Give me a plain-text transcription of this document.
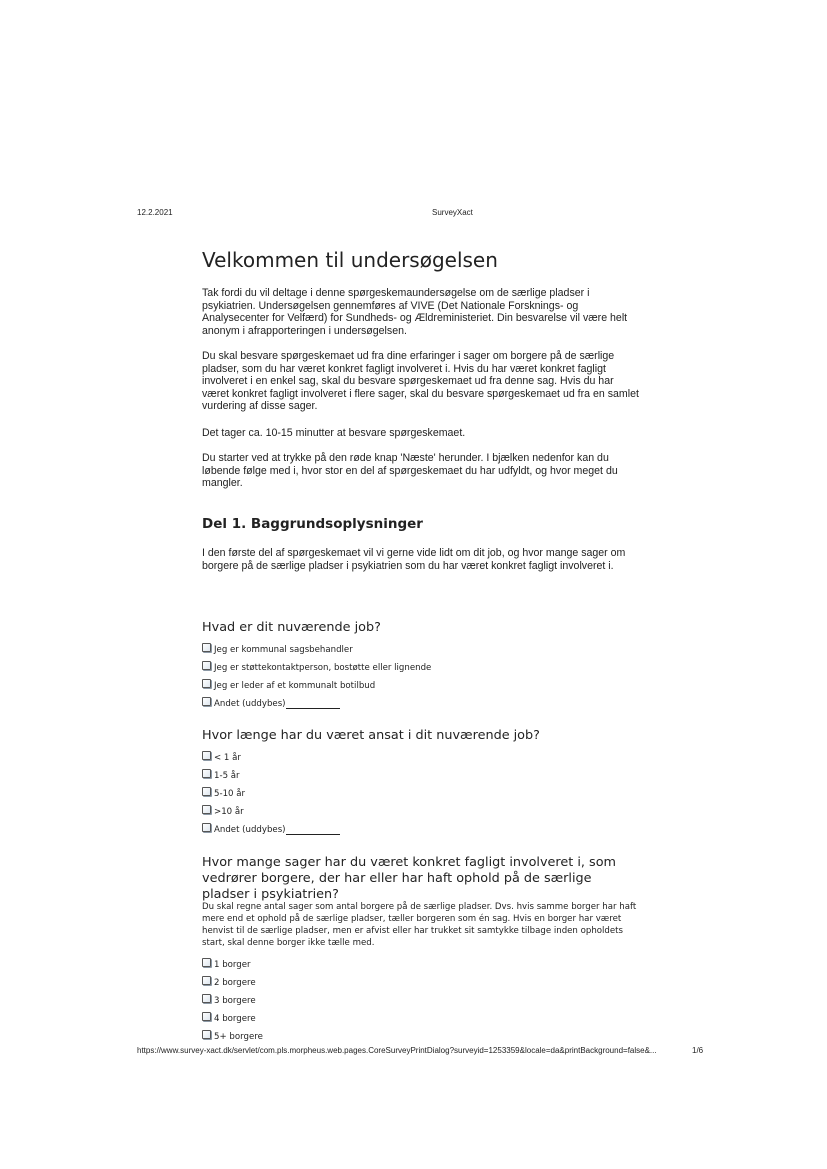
12.2.2021	SurveyXact
Velkommen til undersøgelsen

Tak fordi du vil deltage i denne spørgeskemaundersøgelse om de særlige pladser i psykiatrien. Undersøgelsen gennemføres af VIVE (Det Nationale Forsknings- og Analysecenter for Velfærd) for Sundheds- og Ældreministeriet. Din besvarelse vil være helt anonym i afrapporteringen i undersøgelsen.

Du skal besvare spørgeskemaet ud fra dine erfaringer i sager om borgere på de særlige pladser, som du har været konkret fagligt involveret i. Hvis du har været konkret fagligt involveret i en enkel sag, skal du besvare spørgeskemaet ud fra denne sag. Hvis du har været konkret fagligt involveret i flere sager, skal du besvare spørgeskemaet ud fra en samlet vurdering af disse sager.

Det tager ca. 10-15 minutter at besvare spørgeskemaet.

Du starter ved at trykke på den røde knap 'Næste' herunder. I bjælken nedenfor kan du løbende følge med i, hvor stor en del af spørgeskemaet du har udfyldt, og hvor meget du mangler.

Del 1. Baggrundsoplysninger

I den første del af spørgeskemaet vil vi gerne vide lidt om dit job, og hvor mange sager om borgere på de særlige pladser i psykiatrien som du har været konkret fagligt involveret i.

Hvad er dit nuværende job?
Jeg er kommunal sagsbehandler
Jeg er støttekontaktperson, bostøtte eller lignende
Jeg er leder af et kommunalt botilbud
Andet (uddybes)
Hvor længe har du været ansat i dit nuværende job?
< 1 år
1-5 år
5-10 år
>10 år
Andet (uddybes)
Hvor mange sager har du været konkret fagligt involveret i, som vedrører borgere, der har eller har haft ophold på de særlige pladser i psykiatrien?

Du skal regne antal sager som antal borgere på de særlige pladser. Dvs. hvis samme borger har haft mere end et ophold på de særlige pladser, tæller borgeren som én sag. Hvis en borger har været henvist til de særlige pladser, men er afvist eller har trukket sit samtykke tilbage inden opholdets start, skal denne borger ikke tælle med.

1 borger
2 borgere
3 borgere
4 borgere
5+ borgere
https://www.survey-xact.dk/servlet/com.pls.morpheus.web.pages.CoreSurveyPrintDialog?surveyid=1253359&locale=da&printBackground=false&...	1/6
